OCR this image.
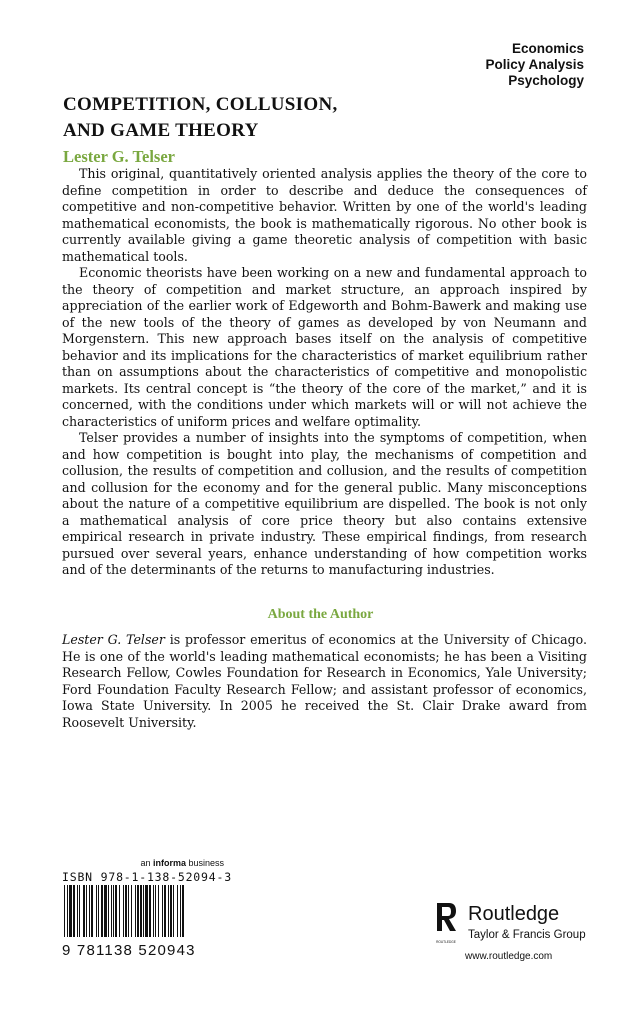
Economics
Policy Analysis
Psychology
COMPETITION, COLLUSION,
AND GAME THEORY
Lester G. Telser

This original, quantitatively oriented analysis applies the theory of the core to define competition in order to describe and deduce the consequences of competitive and non-competitive behavior. Written by one of the world's leading mathematical economists, the book is mathematically rigorous. No other book is currently available giving a game theoretic analysis of competition with basic mathematical tools.

Economic theorists have been working on a new and fundamental approach to the theory of competition and market structure, an approach inspired by appreciation of the earlier work of Edgeworth and Bohm-Bawerk and making use of the new tools of the theory of games as developed by von Neumann and Morgenstern. This new approach bases itself on the analysis of competitive behavior and its implications for the characteristics of market equilibrium rather than on assumptions about the characteristics of competitive and monopolistic markets. Its central concept is “the theory of the core of the market,” and it is concerned, with the conditions under which markets will or will not achieve the characteristics of uniform prices and welfare optimality.

Telser provides a number of insights into the symptoms of competition, when and how competition is bought into play, the mechanisms of competition and collusion, the results of competition and collusion, and the results of competition and collusion for the economy and for the general public. Many misconceptions about the nature of a competitive equilibrium are dispelled. The book is not only a mathematical analysis of core price theory but also contains extensive empirical research in private industry. These empirical findings, from research pursued over several years, enhance understanding of how competition works and of the determinants of the returns to manufacturing industries.

About the Author

Lester G. Telser is professor emeritus of economics at the University of Chicago. He is one of the world's leading mathematical economists; he has been a Visiting Research Fellow, Cowles Foundation for Research in Economics, Yale University; Ford Foundation Faculty Research Fellow; and assistant professor of economics, Iowa State University. In 2005 he received the St. Clair Drake award from Roosevelt University.

an informa business
ISBN 978-1-138-52094-3
9 781138 520943	ROUTLEDGE
Routledge
Taylor & Francis Group
www.routledge.com
